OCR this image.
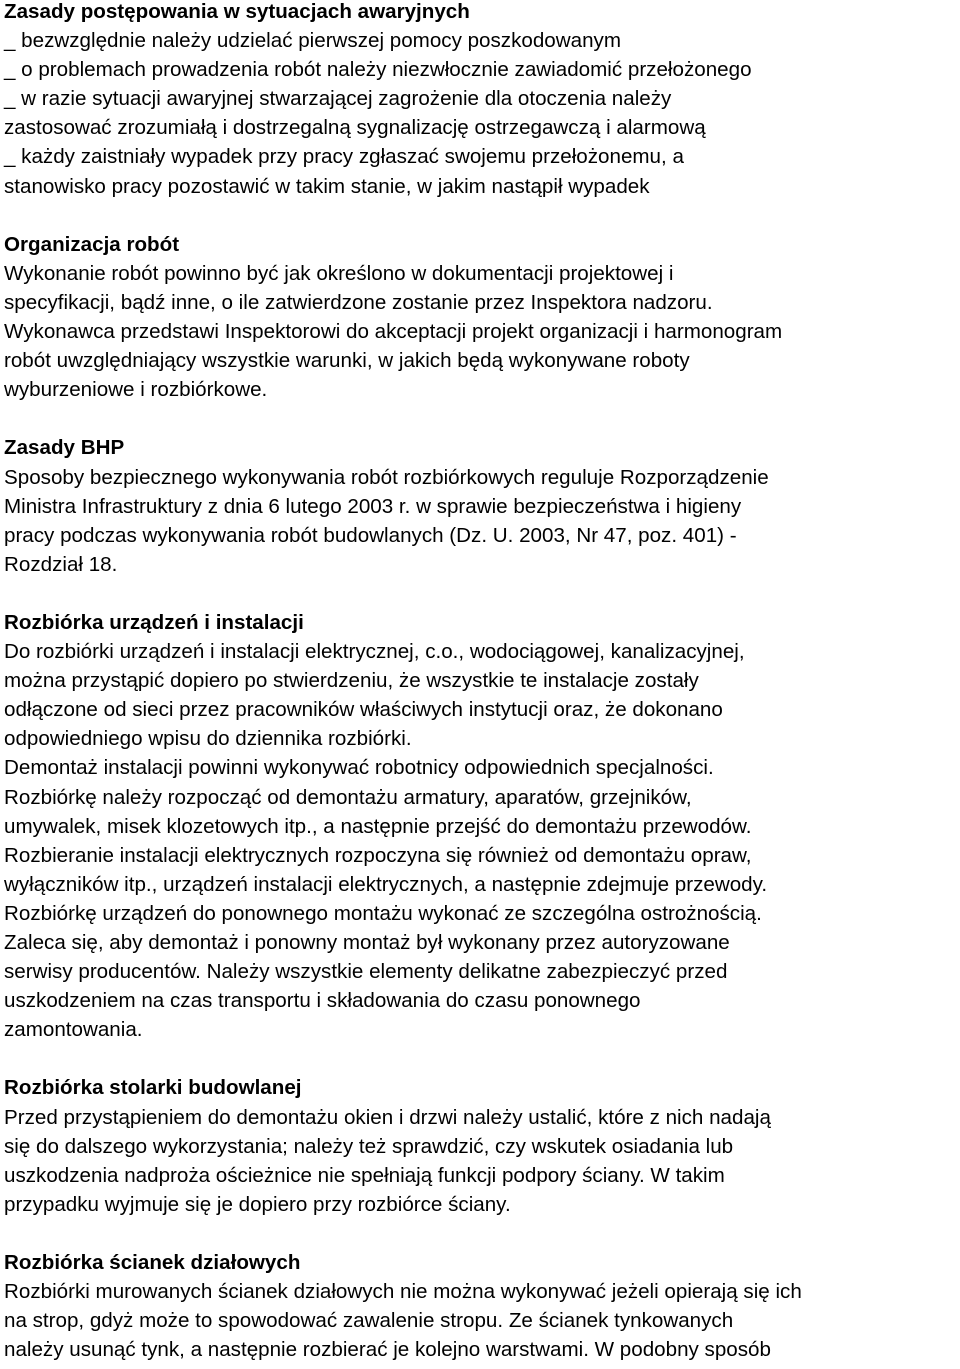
Zasady postępowania w sytuacjach awaryjnych

_ bezwzględnie należy udzielać pierwszej pomocy poszkodowanym

_ o problemach prowadzenia robót należy niezwłocznie zawiadomić przełożonego

_ w razie sytuacji awaryjnej stwarzającej zagrożenie dla otoczenia należy

zastosować zrozumiałą i dostrzegalną sygnalizację ostrzegawczą i alarmową

_ każdy zaistniały wypadek przy pracy zgłaszać swojemu przełożonemu, a

stanowisko pracy pozostawić w takim stanie, w jakim nastąpił wypadek

Organizacja robót

Wykonanie robót powinno być jak określono w dokumentacji projektowej i

specyfikacji, bądź inne, o ile zatwierdzone zostanie przez Inspektora nadzoru.

Wykonawca przedstawi Inspektorowi do akceptacji projekt organizacji i harmonogram

robót uwzględniający wszystkie warunki, w jakich będą wykonywane roboty

wyburzeniowe i rozbiórkowe.

Zasady BHP

Sposoby bezpiecznego wykonywania robót rozbiórkowych reguluje Rozporządzenie

Ministra Infrastruktury z dnia 6 lutego 2003 r. w sprawie bezpieczeństwa i higieny

pracy podczas wykonywania robót budowlanych (Dz. U. 2003, Nr 47, poz. 401) -

Rozdział 18.

Rozbiórka urządzeń i instalacji

Do rozbiórki urządzeń i instalacji elektrycznej, c.o., wodociągowej, kanalizacyjnej,

można przystąpić dopiero po stwierdzeniu, że wszystkie te instalacje zostały

odłączone od sieci przez pracowników właściwych instytucji oraz, że dokonano

odpowiedniego wpisu do dziennika rozbiórki.

Demontaż instalacji powinni wykonywać robotnicy odpowiednich specjalności.

Rozbiórkę należy rozpocząć od demontażu armatury, aparatów, grzejników,

umywalek, misek klozetowych itp., a następnie przejść do demontażu przewodów.

Rozbieranie instalacji elektrycznych rozpoczyna się również od demontażu opraw,

wyłączników itp., urządzeń instalacji elektrycznych, a następnie zdejmuje przewody.

Rozbiórkę urządzeń do ponownego montażu wykonać ze szczególna ostrożnością.

Zaleca się, aby demontaż i ponowny montaż był wykonany przez autoryzowane

serwisy producentów. Należy wszystkie elementy delikatne zabezpieczyć przed

uszkodzeniem na czas transportu i składowania do czasu ponownego

zamontowania.

Rozbiórka stolarki budowlanej

Przed przystąpieniem do demontażu okien i drzwi należy ustalić, które z nich nadają

się do dalszego wykorzystania; należy też sprawdzić, czy wskutek osiadania lub

uszkodzenia nadproża ościeżnice nie spełniają funkcji podpory ściany. W takim

przypadku wyjmuje się je dopiero przy rozbiórce ściany.

Rozbiórka ścianek działowych

Rozbiórki murowanych ścianek działowych nie można wykonywać jeżeli opierają się ich

na strop, gdyż może to spowodować zawalenie stropu. Ze ścianek tynkowanych

należy usunąć tynk, a następnie rozbierać je kolejno warstwami. W podobny sposób
